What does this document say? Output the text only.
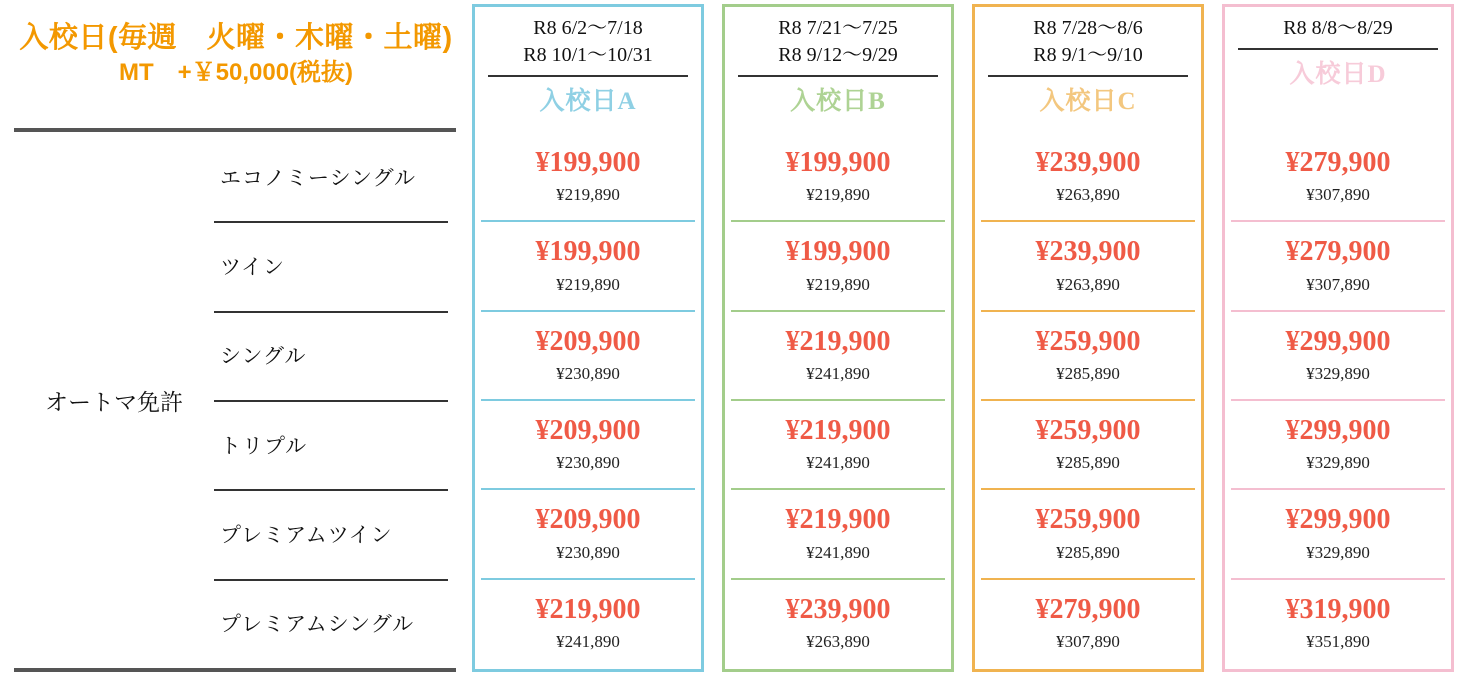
入校日(毎週　火曜・木曜・土曜)
MT　+￥50,000(税抜)
オートマ免許
エコノミーシングル
ツイン
シングル
トリプル
プレミアムツイン
プレミアムシングル
R8 6/2〜7/18
R8 10/1〜10/31
入校日A
¥199,900
¥219,890
¥199,900
¥219,890
¥209,900
¥230,890
¥209,900
¥230,890
¥209,900
¥230,890
¥219,900
¥241,890
R8 7/21〜7/25
R8 9/12〜9/29
入校日B
¥199,900
¥219,890
¥199,900
¥219,890
¥219,900
¥241,890
¥219,900
¥241,890
¥219,900
¥241,890
¥239,900
¥263,890
R8 7/28〜8/6
R8 9/1〜9/10
入校日C
¥239,900
¥263,890
¥239,900
¥263,890
¥259,900
¥285,890
¥259,900
¥285,890
¥259,900
¥285,890
¥279,900
¥307,890
R8 8/8〜8/29
入校日D
¥279,900
¥307,890
¥279,900
¥307,890
¥299,900
¥329,890
¥299,900
¥329,890
¥299,900
¥329,890
¥319,900
¥351,890
